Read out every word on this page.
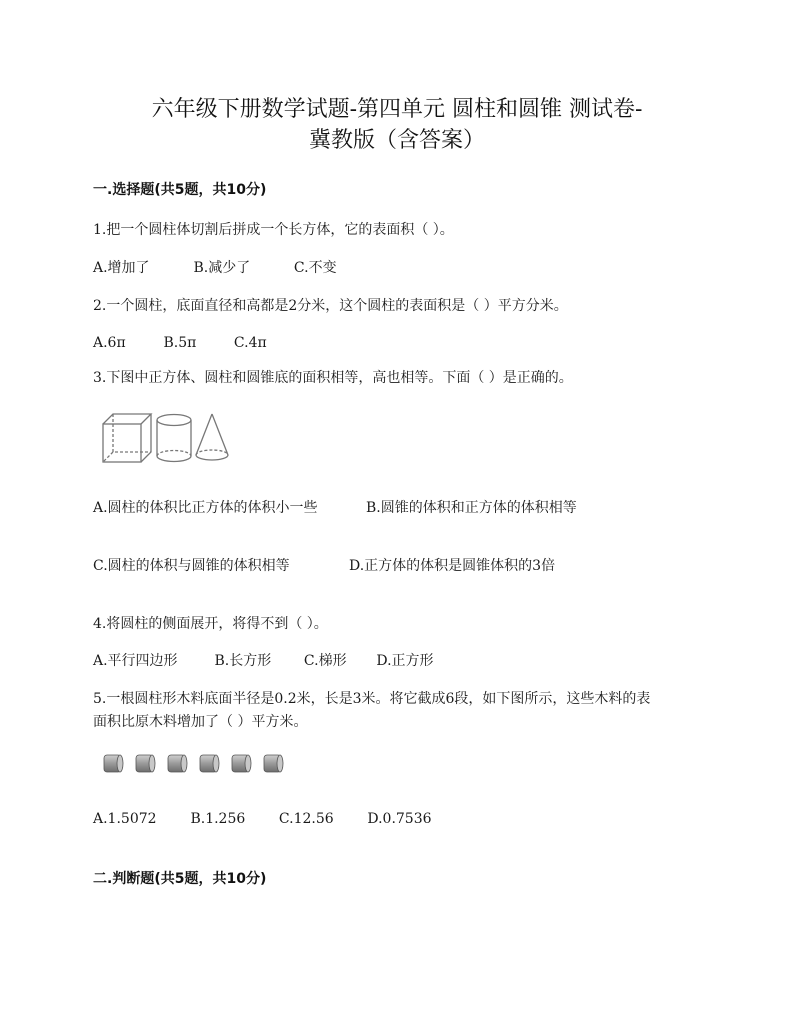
六年级下册数学试题-第四单元 圆柱和圆锥 测试卷-
冀教版（含答案）
一.选择题(共5题，共10分)
1.把一个圆柱体切割后拼成一个长方体，它的表面积（ ）。
A.增加了	B.减少了	C.不变
2.一个圆柱，底面直径和高都是2分米，这个圆柱的表面积是（ ）平方分米。
A.6π	B.5π	C.4π
3.下图中正方体、圆柱和圆锥底的面积相等，高也相等。下面（ ）是正确的。
A.圆柱的体积比正方体的体积小一些	B.圆锥的体积和正方体的体积相等
C.圆柱的体积与圆锥的体积相等	D.正方体的体积是圆锥体积的3倍
4.将圆柱的侧面展开，将得不到（ ）。
A.平行四边形	B.长方形 C.梯形 D.正方形
5.一根圆柱形木料底面半径是0.2米，长是3米。将它截成6段，如下图所示，这些木料的表
面积比原木料增加了（ ）平方米。
A.1.5072 B.1.256 C.12.56 D.0.7536
二.判断题(共5题，共10分)
